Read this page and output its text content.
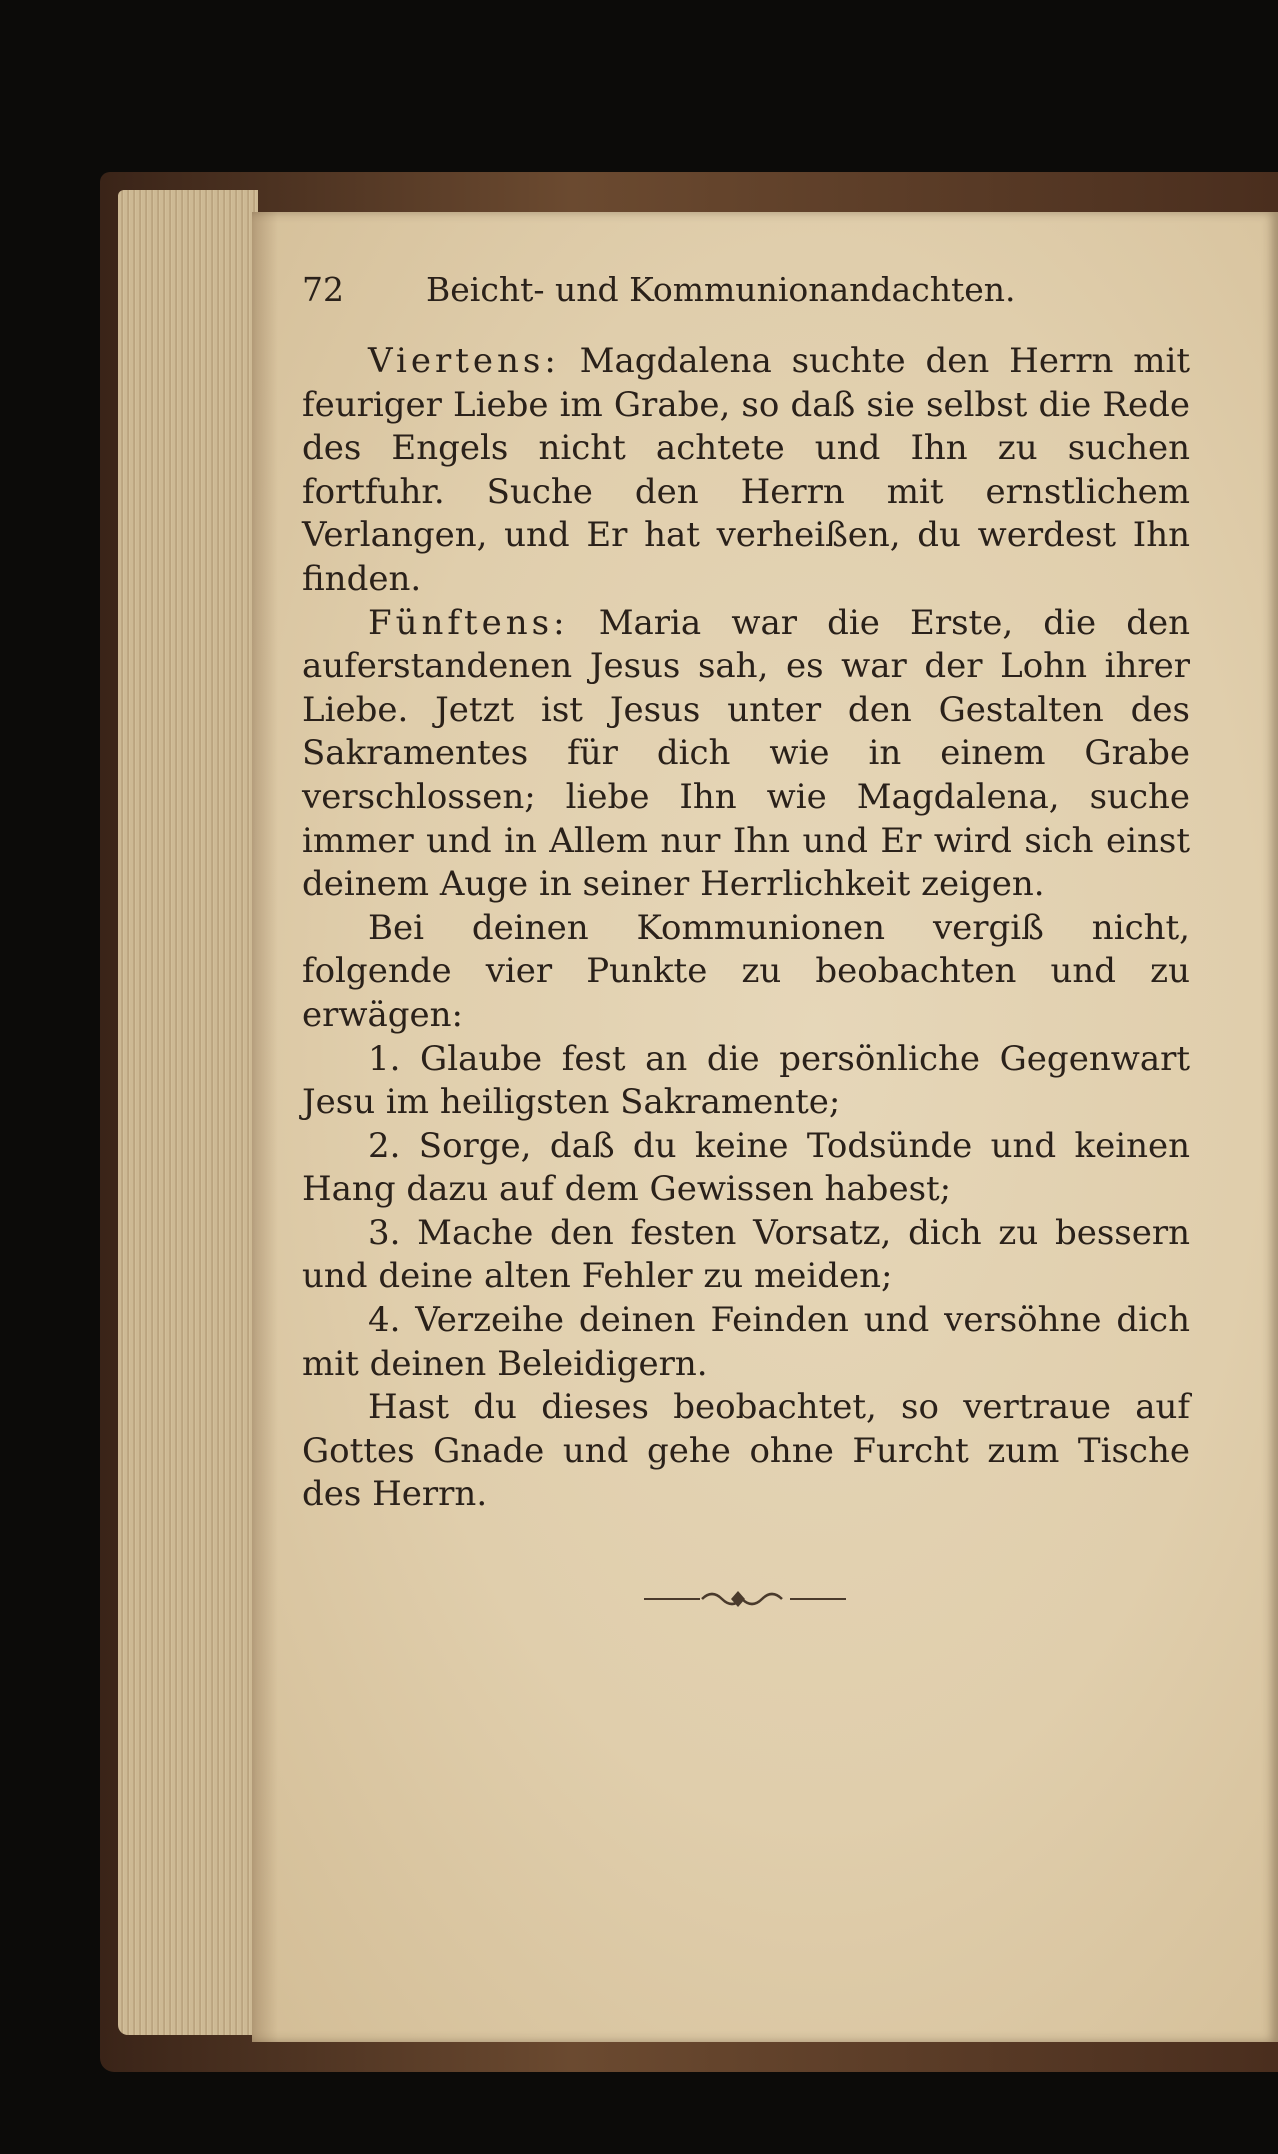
72	Beicht- und Kommunionandachten.

Viertens: Magdalena suchte den Herrn mit feuriger Liebe im Grabe, so daß sie selbst die Rede des Engels nicht achtete und Ihn zu suchen fortfuhr. Suche den Herrn mit ernstlichem Verlangen, und Er hat verheißen, du werdest Ihn finden.

Fünftens: Maria war die Erste, die den auferstandenen Jesus sah, es war der Lohn ihrer Liebe. Jetzt ist Jesus unter den Gestalten des Sakramentes für dich wie in einem Grabe verschlossen; liebe Ihn wie Magdalena, suche immer und in Allem nur Ihn und Er wird sich einst deinem Auge in seiner Herrlichkeit zeigen.

Bei deinen Kommunionen vergiß nicht, folgende vier Punkte zu beobachten und zu erwägen:

1. Glaube fest an die persönliche Gegenwart Jesu im heiligsten Sakramente;

2. Sorge, daß du keine Todsünde und keinen Hang dazu auf dem Gewissen habest;

3. Mache den festen Vorsatz, dich zu bessern und deine alten Fehler zu meiden;

4. Verzeihe deinen Feinden und versöhne dich mit deinen Beleidigern.

Hast du dieses beobachtet, so vertraue auf Gottes Gnade und gehe ohne Furcht zum Tische des Herrn.
